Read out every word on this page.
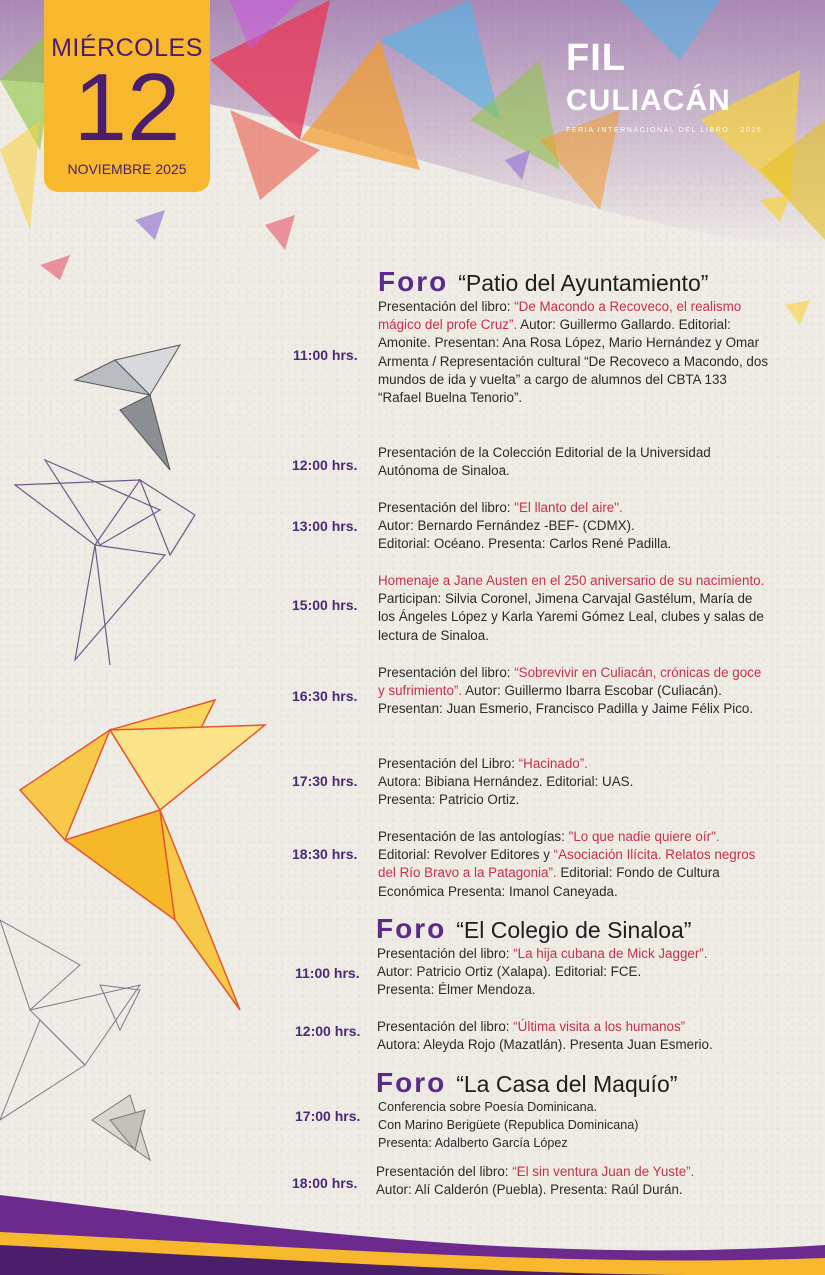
MIÉRCOLES
12
NOVIEMBRE 2025
FIL CULIACÁN
FERIA INTERNACIONAL DEL LIBRO · 2025
Foro “Patio del Ayuntamiento”
11:00 hrs.
Presentación del libro: “De Macondo a Recoveco, el realismo mágico del profe Cruz”. Autor: Guillermo Gallardo. Editorial: Amonite. Presentan: Ana Rosa López, Mario Hernández y Omar Armenta / Representación cultural “De Recoveco a Macondo, dos mundos de ida y vuelta” a cargo de alumnos del CBTA 133 “Rafael Buelna Tenorio”.
12:00 hrs.
Presentación de la Colección Editorial de la Universidad Autónoma de Sinaloa.
13:00 hrs.
Presentación del libro: "El llanto del aire".
Autor: Bernardo Fernández -BEF- (CDMX).
Editorial: Océano. Presenta: Carlos René Padilla.
15:00 hrs.
Homenaje a Jane Austen en el 250 aniversario de su nacimiento. Participan: Silvia Coronel, Jimena Carvajal Gastélum, María de los Ángeles López y Karla Yaremi Gómez Leal, clubes y salas de lectura de Sinaloa.
16:30 hrs.
Presentación del libro: “Sobrevivir en Culiacán, crónicas de goce y sufrimiento”. Autor: Guillermo Ibarra Escobar (Culiacán). Presentan: Juan Esmerio, Francisco Padilla y Jaime Félix Pico.
17:30 hrs.
Presentación del Libro: “Hacinado”.
Autora: Bibiana Hernández. Editorial: UAS.
Presenta: Patricio Ortiz.
18:30 hrs.
Presentación de las antologías: "Lo que nadie quiere oír". Editorial: Revolver Editores y “Asociación Ilícita. Relatos negros del Río Bravo a la Patagonia”. Editorial: Fondo de Cultura Económica Presenta: Imanol Caneyada.
Foro “El Colegio de Sinaloa”
11:00 hrs.
Presentación del libro: “La hija cubana de Mick Jagger”.
Autor: Patricio Ortiz (Xalapa). Editorial: FCE.
Presenta: Élmer Mendoza.
12:00 hrs. Presentación del libro: “Última visita a los humanos”
Autora: Aleyda Rojo (Mazatlán). Presenta Juan Esmerio.
Foro “La Casa del Maquío”
17:00 hrs.
Conferencia sobre Poesía Dominicana.
Con Marino Berigüete (Republica Dominicana)
Presenta: Adalberto García López
18:00 hrs.
Presentación del libro: “El sin ventura Juan de Yuste”.
Autor: Alí Calderón (Puebla). Presenta: Raúl Durán.
